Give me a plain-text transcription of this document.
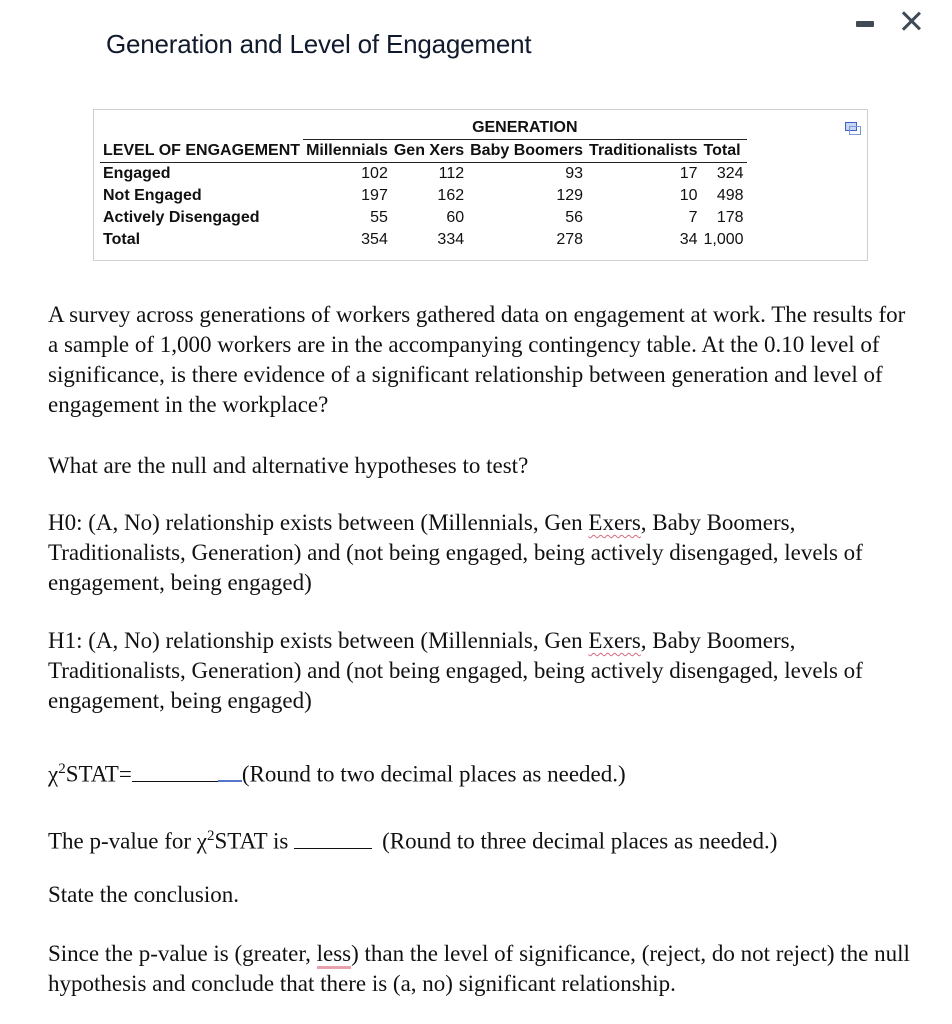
Generation and Level of Engagement
	GENERATION				
LEVEL OF ENGAGEMENT	Millennials	Gen Xers	Baby Boomers	Traditionalists	Total
Engaged	102	112	93	17	324
Not Engaged	197	162	129	10	498
Actively Disengaged	55	60	56	7	178
Total	354	334	278	34	1,000
A survey across generations of workers gathered data on engagement at work. The results for a sample of 1,000 workers are in the accompanying contingency table. At the 0.10 level of significance, is there evidence of a significant relationship between generation and level of engagement in the workplace?
What are the null and alternative hypotheses to test?
H0: (A, No) relationship exists between (Millennials, Gen Exers, Baby Boomers, Traditionalists, Generation) and (not being engaged, being actively disengaged, levels of engagement, being engaged)
H1: (A, No) relationship exists between (Millennials, Gen Exers, Baby Boomers, Traditionalists, Generation) and (not being engaged, being actively disengaged, levels of engagement, being engaged)
$\chi^2STAT=$	(Round to two decimal places as needed.)
The p-value for $\chi^2STAT$ is	(Round to three decimal places as needed.)
State the conclusion.
Since the p-value is (greater, less) than the level of significance, (reject, do not reject) the null hypothesis and conclude that there is (a, no) significant relationship.
